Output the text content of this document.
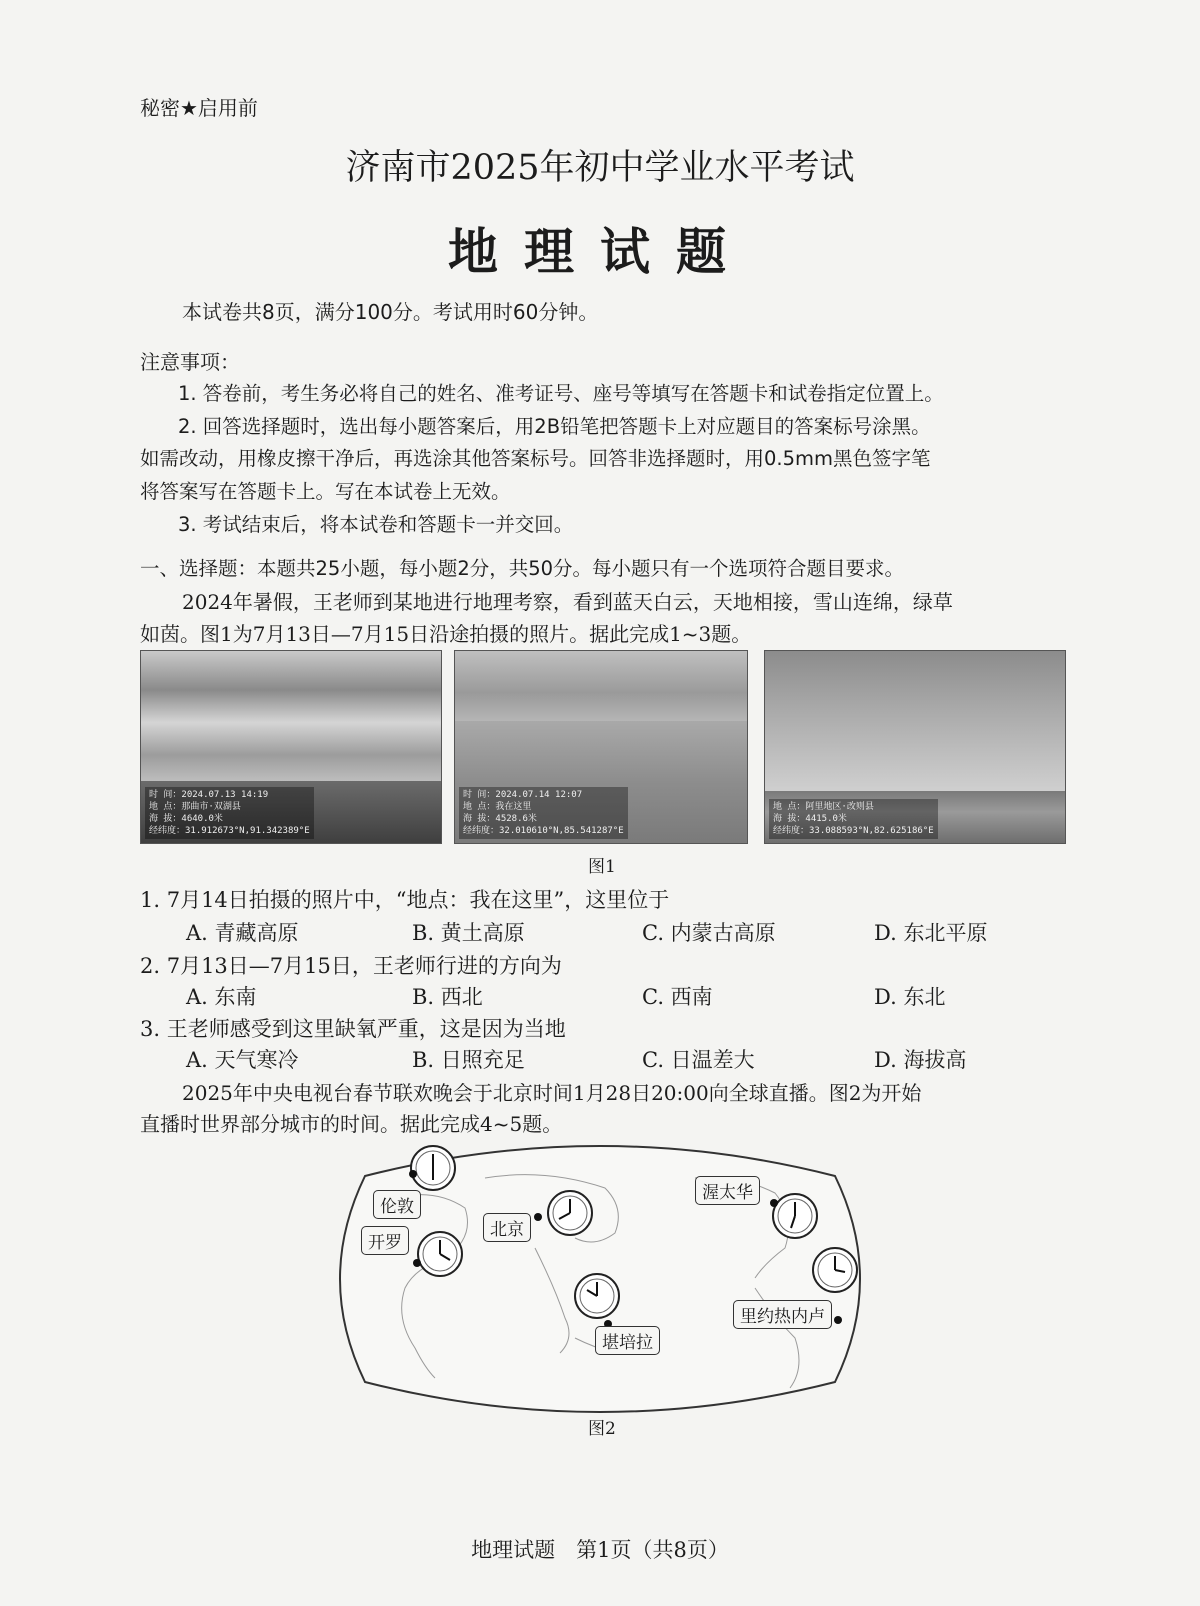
秘密★启用前
济南市2025年初中学业水平考试
地理试题
本试卷共8页，满分100分。考试用时60分钟。
注意事项：
1. 答卷前，考生务必将自己的姓名、准考证号、座号等填写在答题卡和试卷指定位置上。
2. 回答选择题时，选出每小题答案后，用2B铅笔把答题卡上对应题目的答案标号涂黑。
如需改动，用橡皮擦干净后，再选涂其他答案标号。回答非选择题时，用0.5mm黑色签字笔
将答案写在答题卡上。写在本试卷上无效。
3. 考试结束后，将本试卷和答题卡一并交回。
一、选择题：本题共25小题，每小题2分，共50分。每小题只有一个选项符合题目要求。
2024年暑假，王老师到某地进行地理考察，看到蓝天白云，天地相接，雪山连绵，绿草
如茵。图1为7月13日—7月15日沿途拍摄的照片。据此完成1~3题。
时 间：2024.07.13 14:19
地 点：那曲市·双湖县
海 拔：4640.0米
经纬度：31.912673°N,91.342389°E
时 间：2024.07.14 12:07
地 点：我在这里
海 拔：4528.6米
经纬度：32.010610°N,85.541287°E
地 点：阿里地区·改则县
海 拔：4415.0米
经纬度：33.088593°N,82.625186°E
图1
1. 7月14日拍摄的照片中，“地点：我在这里”，这里位于
A. 青藏高原	B. 黄土高原	C. 内蒙古高原	D. 东北平原
2. 7月13日—7月15日，王老师行进的方向为
A. 东南	B. 西北	C. 西南	D. 东北
3. 王老师感受到这里缺氧严重，这是因为当地
A. 天气寒冷	B. 日照充足	C. 日温差大	D. 海拔高
2025年中央电视台春节联欢晚会于北京时间1月28日20:00向全球直播。图2为开始
直播时世界部分城市的时间。据此完成4~5题。
伦敦
开罗
北京
渥太华
里约热内卢
堪培拉
图2
地理试题　第1页（共8页）
